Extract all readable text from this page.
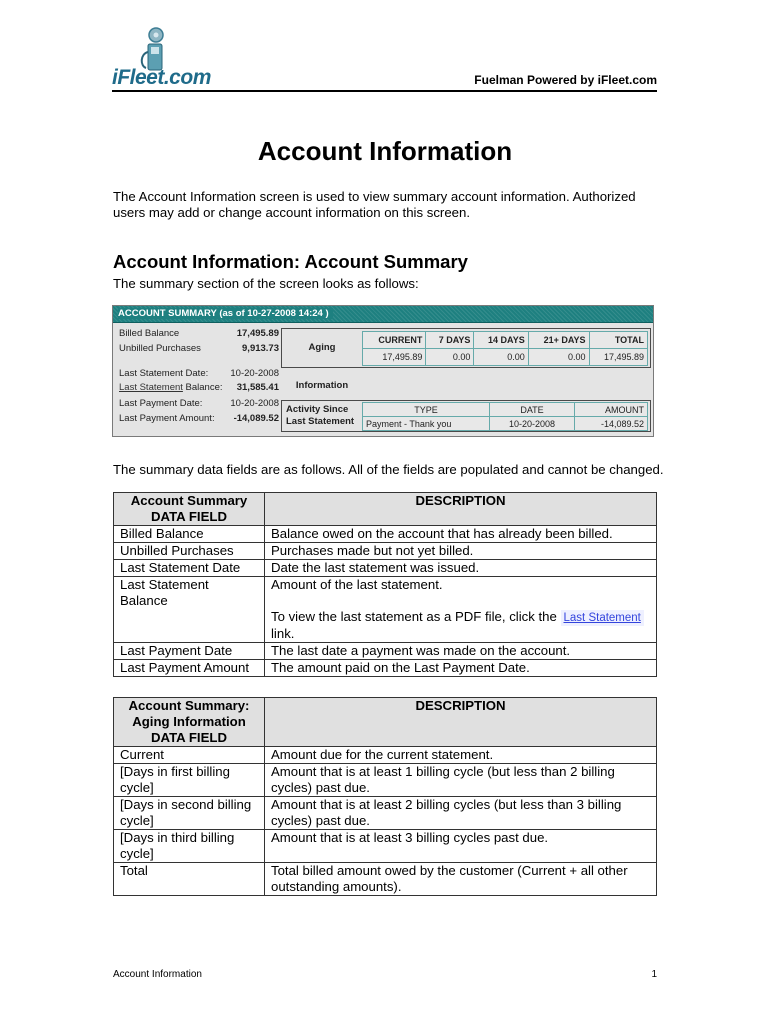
iFleet.com	Fuelman Powered by iFleet.com
Account Information

The Account Information screen is used to view summary account information. Authorized users may add or change account information on this screen.

Account Information: Account Summary

The summary section of the screen looks as follows:

ACCOUNT SUMMARY (as of 10-27-2008 14:24 )
Billed Balance	17,495.89
Unbilled Purchases	9,913.73
Last Statement Date:	10-20-2008
Last Statement Balance:	31,585.41
Last Payment Date:	10-20-2008
Last Payment Amount:	-14,089.52
Aging Information
CURRENT	7 DAYS	14 DAYS	21+ DAYS	TOTAL
17,495.89	0.00	0.00	0.00	17,495.89
Activity Since
Last Statement
TYPE	DATE	AMOUNT
Payment - Thank you	10-20-2008	-14,089.52

The summary data fields are as follows. All of the fields are populated and cannot be changed.

Account Summary
DATA FIELD	DESCRIPTION
Billed Balance	Balance owed on the account that has already been billed.
Unbilled Purchases	Purchases made but not yet billed.
Last Statement Date	Date the last statement was issued.
Last Statement Balance	Amount of the last statement.
To view the last statement as a PDF file, click the Last Statement
link.

Last Payment Date	The last date a payment was made on the account.
Last Payment Amount	The amount paid on the Last Payment Date.
Account Summary:
Aging Information
DATA FIELD	DESCRIPTION
Current	Amount due for the current statement.
[Days in first billing cycle]	Amount that is at least 1 billing cycle (but less than 2 billing cycles) past due.
[Days in second billing cycle]	Amount that is at least 2 billing cycles (but less than 3 billing cycles) past due.
[Days in third billing cycle]	Amount that is at least 3 billing cycles past due.
Total	Total billed amount owed by the customer (Current + all other outstanding amounts).
Account Information	1
